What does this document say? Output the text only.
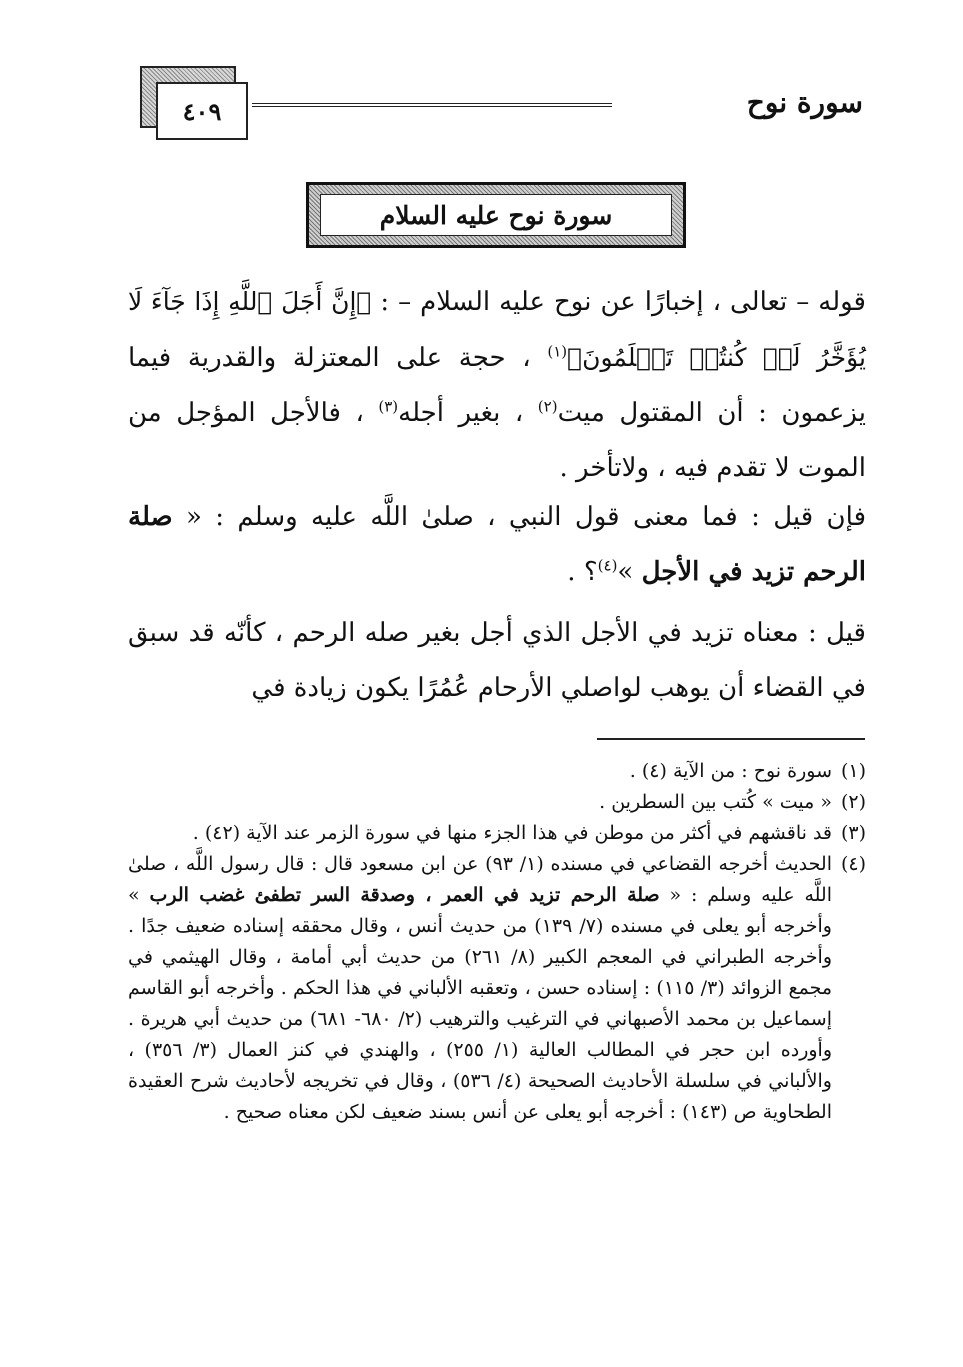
٤٠٩	سورة نوح
سورة نوح عليه السلام
قوله – تعالى ، إخبارًا عن نوح عليه السلام – : ﴿إِنَّ أَجَلَ ٱللَّهِ إِذَا جَآءَ لَا يُؤَخَّرُ لَوۡ كُنتُمۡ تَعۡلَمُونَ﴾$^{(١)}$ ، حجة على المعتزلة والقدرية فيما يزعمون : أن المقتول ميت$^{(٢)}$ ، بغير أجله$^{(٣)}$ ، فالأجل المؤجل من الموت لا تقدم فيه ، ولاتأخر .
فإن قيل : فما معنى قول النبي ، صلىٰ اللَّه عليه وسلم : « صلة الرحم تزيد في الأجل »$^{(٤)}$؟ .
قيل : معناه تزيد في الأجل الذي أجل بغير صله الرحم ، كأنّه قد سبق في القضاء أن يوهب لواصلي الأرحام عُمُرًا يكون زيادة في
(١)
سورة نوح : من الآية (٤) .
(٢)
« ميت » كُتب بين السطرين .
(٣)
قد ناقشهم في أكثر من موطن في هذا الجزء منها في سورة الزمر عند الآية (٤٢) .
(٤)
الحديث أخرجه القضاعي في مسنده (١/ ٩٣) عن ابن مسعود قال : قال رسول اللَّه ، صلىٰ اللَّه عليه وسلم : « صلة الرحم تزيد في العمر ، وصدقة السر تطفئ غضب الرب » وأخرجه أبو يعلى في مسنده (٧/ ١٣٩) من حديث أنس ، وقال محققه إسناده ضعيف جدًا . وأخرجه الطبراني في المعجم الكبير (٨/ ٢٦١) من حديث أبي أمامة ، وقال الهيثمي في مجمع الزوائد (٣/ ١١٥) : إسناده حسن ، وتعقبه الألباني في هذا الحكم . وأخرجه أبو القاسم إسماعيل بن محمد الأصبهاني في الترغيب والترهيب (٢/ ٦٨٠- ٦٨١) من حديث أبي هريرة . وأورده ابن حجر في المطالب العالية (١/ ٢٥٥) ، والهندي في كنز العمال (٣/ ٣٥٦) ، والألباني في سلسلة الأحاديث الصحيحة (٤/ ٥٣٦) ، وقال في تخريجه لأحاديث شرح العقيدة الطحاوية ص (١٤٣) : أخرجه أبو يعلى عن أنس بسند ضعيف لكن معناه صحيح .
